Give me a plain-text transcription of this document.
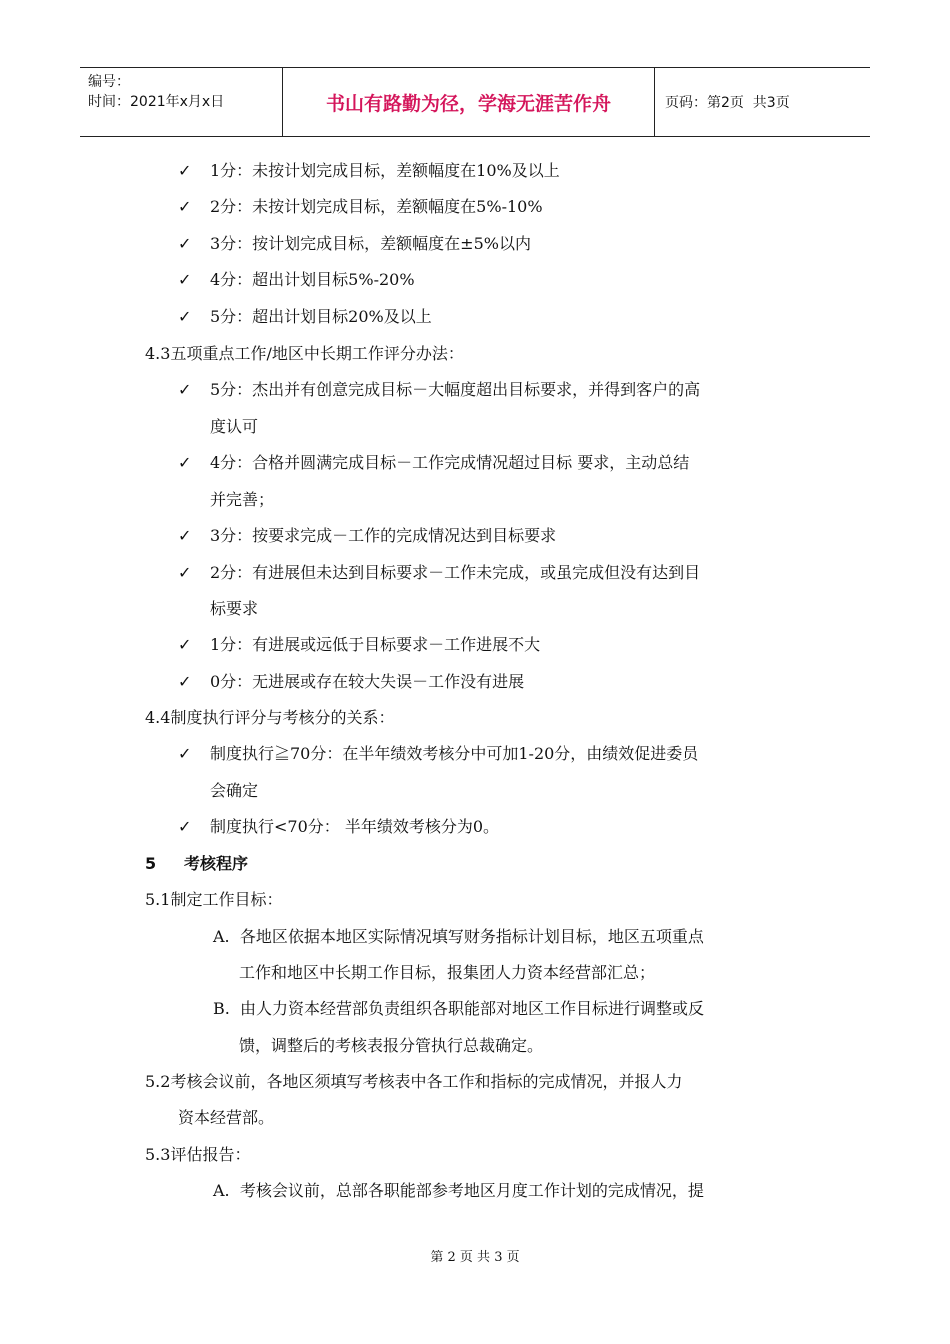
编号：
时间：2021年x月x日	书山有路勤为径，学海无涯苦作舟	页码：第2页  共3页
✓ 1分：未按计划完成目标，差额幅度在10%及以上
✓ 2分：未按计划完成目标，差额幅度在5%-10%
✓ 3分：按计划完成目标，差额幅度在±5%以内
✓ 4分：超出计划目标5%-20%
✓ 5分：超出计划目标20%及以上
4.3五项重点工作/地区中长期工作评分办法：
✓ 5分：杰出并有创意完成目标－大幅度超出目标要求，并得到客户的高
度认可
✓ 4分：合格并圆满完成目标－工作完成情况超过目标 要求，主动总结
并完善；
✓ 3分：按要求完成－工作的完成情况达到目标要求
✓ 2分：有进展但未达到目标要求－工作未完成，或虽完成但没有达到目
标要求
✓ 1分：有进展或远低于目标要求－工作进展不大
✓ 0分：无进展或存在较大失误－工作没有进展
4.4制度执行评分与考核分的关系：
✓ 制度执行≧70分：在半年绩效考核分中可加1-20分，由绩效促进委员
会确定
✓ 制度执行<70分： 半年绩效考核分为0。
5     考核程序
5.1制定工作目标：
A.  各地区依据本地区实际情况填写财务指标计划目标，地区五项重点
工作和地区中长期工作目标，报集团人力资本经营部汇总；
B.  由人力资本经营部负责组织各职能部对地区工作目标进行调整或反
馈，调整后的考核表报分管执行总裁确定。
5.2考核会议前，各地区须填写考核表中各工作和指标的完成情况，并报人力
资本经营部。
5.3评估报告：
A.  考核会议前，总部各职能部参考地区月度工作计划的完成情况，提
第 2 页 共 3 页
